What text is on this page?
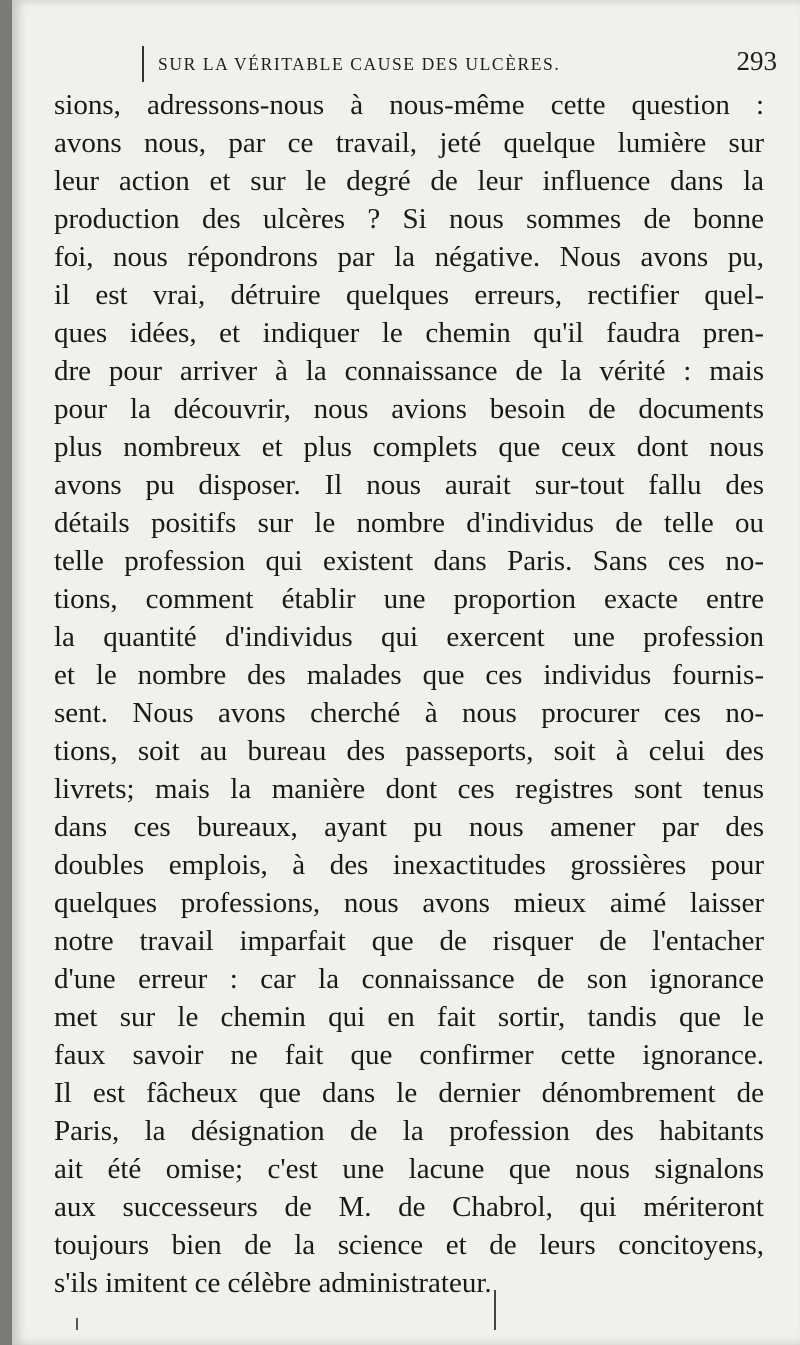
SUR LA VÉRITABLE CAUSE DES ULCÈRES.	293
sions, adressons-nous à nous-même cette question :
avons nous, par ce travail, jeté quelque lumière sur
leur action et sur le degré de leur influence dans la
production des ulcères ? Si nous sommes de bonne
foi, nous répondrons par la négative. Nous avons pu,
il est vrai, détruire quelques erreurs, rectifier quel-
ques idées, et indiquer le chemin qu'il faudra pren-
dre pour arriver à la connaissance de la vérité : mais
pour la découvrir, nous avions besoin de documents
plus nombreux et plus complets que ceux dont nous
avons pu disposer. Il nous aurait sur-tout fallu des
détails positifs sur le nombre d'individus de telle ou
telle profession qui existent dans Paris. Sans ces no-
tions, comment établir une proportion exacte entre
la quantité d'individus qui exercent une profession
et le nombre des malades que ces individus fournis-
sent. Nous avons cherché à nous procurer ces no-
tions, soit au bureau des passeports, soit à celui des
livrets; mais la manière dont ces registres sont tenus
dans ces bureaux, ayant pu nous amener par des
doubles emplois, à des inexactitudes grossières pour
quelques professions, nous avons mieux aimé laisser
notre travail imparfait que de risquer de l'entacher
d'une erreur : car la connaissance de son ignorance
met sur le chemin qui en fait sortir, tandis que le
faux savoir ne fait que confirmer cette ignorance.
Il est fâcheux que dans le dernier dénombrement de
Paris, la désignation de la profession des habitants
ait été omise; c'est une lacune que nous signalons
aux successeurs de M. de Chabrol, qui mériteront
toujours bien de la science et de leurs concitoyens,
s'ils imitent ce célèbre administrateur.
